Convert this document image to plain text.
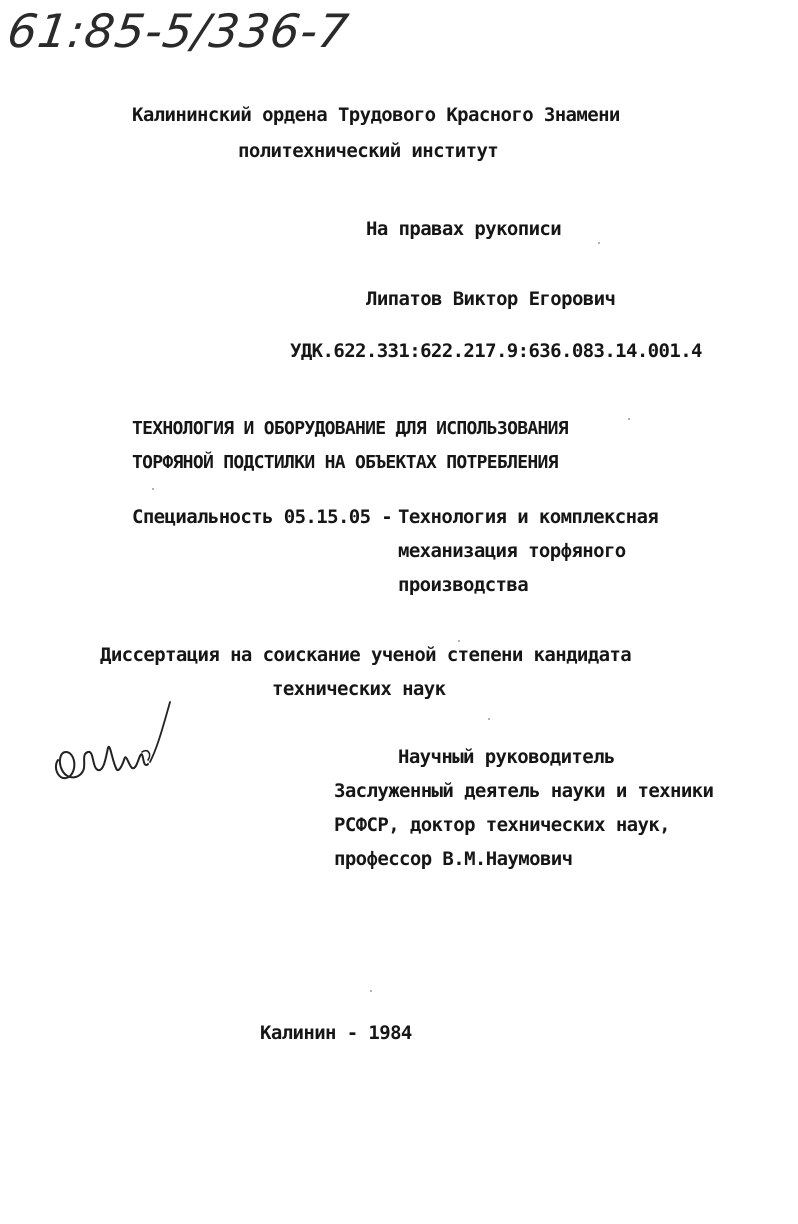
61:85-5/336-7
Калининский ордена Трудового Красного Знамени
политехнический институт
На правах рукописи
Липатов Виктор Егорович
УДК.622.331:622.217.9:636.083.14.001.4
ТЕХНОЛОГИЯ И ОБОРУДОВАНИЕ ДЛЯ ИСПОЛЬЗОВАНИЯ
ТОРФЯНОЙ ПОДСТИЛКИ НА ОБЪЕКТАХ ПОТРЕБЛЕНИЯ
Специальность 05.15.05 - Технология и комплексная
механизация торфяного
производства
Диссертация на соискание ученой степени кандидата
технических наук
Научный руководитель
Заслуженный деятель науки и техники
РСФСР, доктор технических наук,
профессор В.М.Наумович
Калинин - 1984
